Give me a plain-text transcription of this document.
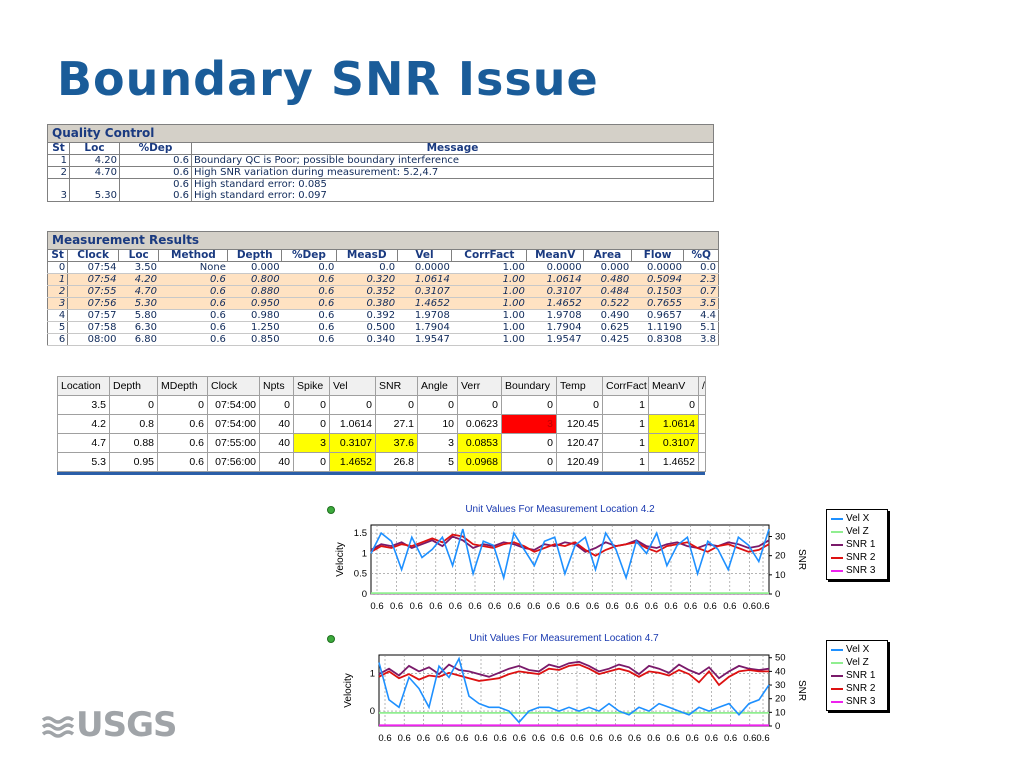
Boundary SNR Issue
Quality Control
St	Loc	%Dep	Message
1	4.20	0.6	Boundary QC is Poor; possible boundary interference
2	4.70	0.6	High SNR variation during measurement: 5.2,4.7
		0.6	High standard error: 0.085
3	5.30	0.6	High standard error: 0.097
Measurement Results
St	Clock	Loc	Method	Depth	%Dep	MeasD	Vel	CorrFact	MeanV	Area	Flow	%Q
0	07:54	3.50	None	0.000	0.0	0.0	0.0000	1.00	0.0000	0.000	0.0000	0.0
1	07:54	4.20	0.6	0.800	0.6	0.320	1.0614	1.00	1.0614	0.480	0.5094	2.3
2	07:55	4.70	0.6	0.880	0.6	0.352	0.3107	1.00	0.3107	0.484	0.1503	0.7
3	07:56	5.30	0.6	0.950	0.6	0.380	1.4652	1.00	1.4652	0.522	0.7655	3.5
4	07:57	5.80	0.6	0.980	0.6	0.392	1.9708	1.00	1.9708	0.490	0.9657	4.4
5	07:58	6.30	0.6	1.250	0.6	0.500	1.7904	1.00	1.7904	0.625	1.1190	5.1
6	08:00	6.80	0.6	0.850	0.6	0.340	1.9547	1.00	1.9547	0.425	0.8308	3.8
Location	Depth	MDepth	Clock	Npts	Spike	Vel	SNR	Angle	Verr	Boundary	Temp	CorrFact	MeanV	/
3.5	0	0	07:54:00	0	0	0	0	0	0	0	0	1	0	
4.2	0.8	0.6	07:54:00	40	0	1.0614	27.1	10	0.0623	3	120.45	1	1.0614	
4.7	0.88	0.6	07:55:00	40	3	0.3107	37.6	3	0.0853	0	120.47	1	0.3107	
5.3	0.95	0.6	07:56:00	40	0	1.4652	26.8	5	0.0968	0	120.49	1	1.4652	
Unit Values For Measurement Location 4.2
0.6 0.6 0.6 0.6 0.6 0.6 0.6 0.6 0.6 0.6 0.6 0.6 0.6 0.6 0.6 0.6 0.6 0.6 0.6 0.6 0.6
0
0.5
1
1.5
0
10
20
30
Velocity	SNR
Vel X
Vel Z
SNR 1
SNR 2
SNR 3
Unit Values For Measurement Location 4.7
0.6 0.6 0.6 0.6 0.6 0.6 0.6 0.6 0.6 0.6 0.6 0.6 0.6 0.6 0.6 0.6 0.6 0.6 0.6 0.6 0.6
0
1
0
10
20
30
40
50
Velocity	SNR
Vel X
Vel Z
SNR 1
SNR 2
SNR 3
USGS
